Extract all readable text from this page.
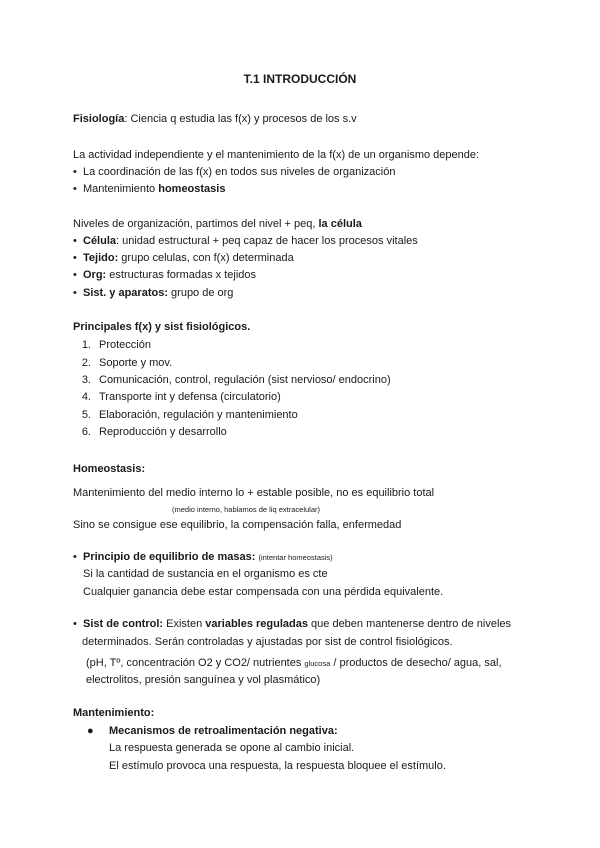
T.1 INTRODUCCIÓN
Fisiología: Ciencia q estudia las f(x) y procesos de los s.v
La actividad independiente y el mantenimiento de la f(x) de un organismo depende:
• La coordinación de las f(x) en todos sus niveles de organización
• Mantenimiento homeostasis
Niveles de organización, partimos del nivel + peq, la célula
• Célula: unidad estructural + peq capaz de hacer los procesos vitales
• Tejido: grupo celulas, con f(x) determinada
• Org: estructuras formadas x tejidos
• Sist. y aparatos: grupo de org
Principales f(x) y sist fisiológicos.
1. Protección
2. Soporte y mov.
3. Comunicación, control, regulación (sist nervioso/ endocrino)
4. Transporte int y defensa (circulatorio)
5. Elaboración, regulación y mantenimiento
6. Reproducción y desarrollo
Homeostasis:
Mantenimiento del medio interno lo + estable posible, no es equilibrio total
(medio interno, hablamos de liq extracelular)
Sino se consigue ese equilibrio, la compensación falla, enfermedad
• Principio de equilibrio de masas: (intentar homeostasis)
Si la cantidad de sustancia en el organismo es cte
Cualquier ganancia debe estar compensada con una pérdida equivalente.
• Sist de control: Existen variables reguladas que deben mantenerse dentro de niveles
determinados. Serán controladas y ajustadas por sist de control fisiológicos.
(pH, Tº, concentración O2 y CO2/ nutrientes glucosa / productos de desecho/ agua, sal,
electrolitos, presión sanguínea y vol plasmático)
Mantenimiento:
● Mecanismos de retroalimentación negativa:
La respuesta generada se opone al cambio inicial.
El estímulo provoca una respuesta, la respuesta bloquee el estímulo.
